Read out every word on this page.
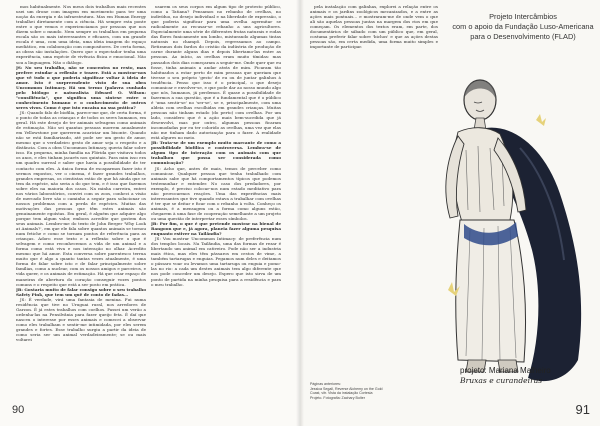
mos habitualmente. Nos meus dois trabalhos mais recentes usei um drone com imagem em movimento para ter uma noção da energia e da infraestrutura. Mas em Human Energy trabalhei diretamente com a ciência. Há sempre esta ponte entre o que vemos e experienciamos por pessoas que nos dizem sobre o mundo. Nem sempre os trabalhos em pequena escala são os mais interessantes e eficazes, com um grande escala é uma, com uma ideia, uma ideia imagem do espaço mediático, em colaboração com compositores. De certa forma, as obras são instalações. Quero que o espectador tenha uma experiência, uma espécie de vivência física e emocional. Não sou a linguagem. Não o diálogo.

JS: No seu trabalho, não se concentra no resto, mas prefere estudar a reflexão e trazer. Está a mostrar-nos que vê tudo o que poderia significar voltar à ideia de amor. Isto é surpreendente visto de sua obra Uncommon Intimacy. Há um termo (palavra cunhada pelo biólogo e naturalista Edward O. Wilson: "consiliência", que significa uma sintese entre o conhecimento humano e o conhecimento de outros seres vivos. Como é que isto encaixa na sua prática?

JS: Quando falo de biofilia, parece-me que, de certa forma, é o ponto de todas as crianças e de todos os seres humanos, em geral. Há este desejo de ter animais selvagens como animais de estimação. Não sei quantas pessoas morrem anualmente em Yellowstone por quererem acariciar um bisonte. Quando não se está familiarizado, até pode ser um gesto de amor, mesmo que o verdadeiro gesto de amor seja o respeito e a distância. Com a obra Uncommon Intimacy, queria falar sobre isso. Eu pequena, minha família na Flórida que visitava todos os anos, e eles tinham jacarés nos quintais. Para mim isso era um quadro surreal e saber que havia a possibilidade de ter contacto com eles. A única forma de escaparmos fazer isto é sermos expostos, ver o cinema, é fazer grandes trabalhos, grandes empresas, os cientistas estão de que há ainda que se tem da espécie, não seria a do que tem, e é isso que fazemos sobre eles na maioria dos casos. Na minha carreira, entrei nos vários laboratórios, convivi com os zoos, conheci a visão de mercado livre são o caminho a seguir para solucionar os nossos problemas com a perda de espécies. Muitas das motivações das pessoas que têm estes animais são genuinamente egoístas. Em geral, é alguém que adquire algo porque tem algum valor, embora acredite que gostem dos seus animais. Lembro-me do texto de John Berger 'Why Look at Animals?', em que ele fala sobre quantos animais se tornou num fetiche e como se tornam pontos de referência para as crianças. Adoro esse texto e a reflexão sobre o que é selvagem e como reconhecemos a vida de um animal e a forma como está viva e nos interação no olhar. Acredito mesmo que há amor. Esta conversa sobre parentesco terrua muito que é algo a quanto tantas vezes atualmente, é uma forma de falar sobre isto e de falar principalmente sobre famílias, como a nuclear, com os nossos amigos e parceiros, e vida queer, e os animais de estimação. Há que criar espaço de maneiras de abertura do coração conseguir vozes pontos comuns e o respeito que está a ser posto em prática.

JB: Gostaria muito de falar consigo sobre o seu trabalho Safety Pink, que tem um quê de conto de fadas...

JS: É verdade, virá uma fantasia de menina. Fui numa residência que tive no Uruguai rural, nos arredores de Garzon. É já estes trabalhos com coelhos. Passei um verão a ordenha-las na Pensilvânia para fazer queijo feta. É daí que nasceu o interesse por esses animais e comecei a observar como eles trabalham e sentir-me intimidada, por eles serem grandes e fortes. Esse trabalho surgiu a partir da ideia de como seria ser um animal verdadeiramente; se ou mais voltarei

usarem os seus corpos em algum tipo de protesto público, como a Tatiana? Pensamos no rebanho de ovelhas, no indivíduo, no desejo individual e na liberdade de expressão, o que poderia significar para uma ovelha agermitar se radicalmente ao recusar-se rebanho a uns agricultores. Especialmente uma série de diferentes frutas naturais e rodas das flores funicamente um lombo, misturando algumas tintas naturais no champô. Depois, regressamos ao campo. Retiramos dois fardos do cristão da indústria de produção de carne durante alguns dias e depois libertamo-las entre as pessoas. Ao início, as ovelhas eram muito tímidas: mas passados dois dias começaram a seguir-me. Onde quer que eu fosse, tinha animais a andar atrás de mim. Ficaram tão habituados a estar perto de mim pessoas que queriam que tivesse o seu próprio 'gesto' de eu ou de juntar galinhos à tendência. Penso que isso é o principal, o que desejo comunicar e envolver-se, e que pode dar ao nosso mundo algo que nós, humanos, já perdemos. É quase a possibilidade de fazermos a sua questão, que é a fundamental que é o público é 'uma sentir-se' no 'ser-se', se e, principalmente, com uma aldeia com ovelhas escolhidas em grandes crianças. Muitas pessoas não tinham estado (do perto) com ovelhas. Por um lado, considero que é a ação mais bem-sucedida que já desenvolvi, mas por outro, algumas pessoas ficaram incomodadas por eu ter colorido as ovelhas, uma vez que elas não me tinham dado autorização para o fazer. A realidade está algures no meio.

JB: Trata-se de um exemplo muito marcante de como a possibilidade biofílica e controversa. Lembra-se de algum tipo de interação com os animais com que trabalhou que possa ser considerada como comunicação?

JS: Acho que, antes de mais, temos de perceber como comunicar. Qualquer pessoa que tenha trabalhado com animais sabe que há comportamentos típicos que podemos testemunhar e entender. No caso dos predadores, por exemplo, é preciso colocar-nos num estado meditativo para não provocarmos reações. Uma das experiências mais interessantes que tive quando estava a trabalhar com ovelhas é ter que se deitar e ficar com o rebanho à volta. Conheço os animais, é a mensagem ou a forma como alguns estão, chegarem à uma fase de cooperação semelhante a um projeto ou uma questão de interpretar esses símbolos.

JB: Por fim, o que é que pretende mostrar na bienal de Rangoon que e, já agora, planeia fazer alguma pesquisa enquanto estiver na Tailândia?

JS: Vou mostrar Uncommon Intimacy: de preferência num dos templos locais. Na Tailândia, uma das formas de rezar é libertando um animal em cativeiro. Pode não ser a industria mais ética, mas eles têm pássaros em cestos de vime, a também tartarugas e enguias. Pegamos num deles e deitamos o pássaro voar ou levamos uma tartaruga ou enguia e pomo-las no rio: a cada um destes animais tem algo diferente que nos pode conceder um desejo. Espero que isto sirva de um ponto de partida na minha pesquisa para a residência e para o meu trabalho.

90
Projeto Intercâmbios
com o apoio da Fundação Luso-Americana
para o Desenvolvimento (FLAD)

pela instalação com galinhas, explorei a relação entre os animais e os jardins zoológicos mecanizados, e a entre as ações mais pontuais... e mostraram-me de onde vem o que ali são aquelas pessoas juntas na margem dos rios em que começam. Os elementos dos textos eram, em parte, dos documentários de sábado com um público que, em geral, costuma preferir falar sobre 'bichos' e que as ações destas pessoas são, em certa medida, uma forma muito simples e importante de participar.

Páginas anteriores:
Jessica Segall, Reverse Alchemy on the Gold
Coast, vitr. Vista da instalação Cortesia
Projeto. Fotografia: Zachary Bolter
projeto: Mariana Malheiro
Bruxas e curandeiras
91
